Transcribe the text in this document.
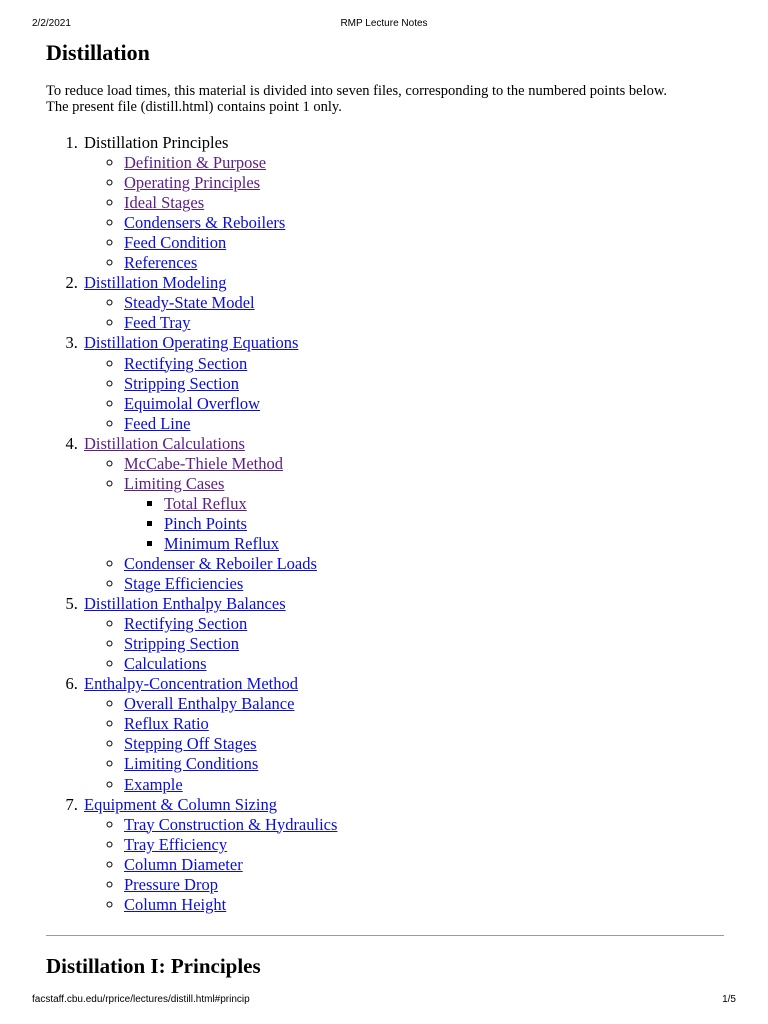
2/2/2021	RMP Lecture Notes
Distillation

To reduce load times, this material is divided into seven files, corresponding to the numbered points below.
The present file (distill.html) contains point 1 only.

1. Distillation Principles
◦ Definition & Purpose
◦ Operating Principles
◦ Ideal Stages
◦ Condensers & Reboilers
◦ Feed Condition
◦ References
2. Distillation Modeling
◦ Steady-State Model
◦ Feed Tray
3. Distillation Operating Equations
◦ Rectifying Section
◦ Stripping Section
◦ Equimolal Overflow
◦ Feed Line
4. Distillation Calculations
◦ McCabe-Thiele Method
◦ Limiting Cases
▪ Total Reflux
▪ Pinch Points
▪ Minimum Reflux
◦ Condenser & Reboiler Loads
◦ Stage Efficiencies
5. Distillation Enthalpy Balances
◦ Rectifying Section
◦ Stripping Section
◦ Calculations
6. Enthalpy-Concentration Method
◦ Overall Enthalpy Balance
◦ Reflux Ratio
◦ Stepping Off Stages
◦ Limiting Conditions
◦ Example
7. Equipment & Column Sizing
◦ Tray Construction & Hydraulics
◦ Tray Efficiency
◦ Column Diameter
◦ Pressure Drop
◦ Column Height
Distillation I: Principles
facstaff.cbu.edu/rprice/lectures/distill.html#princip	1/5
